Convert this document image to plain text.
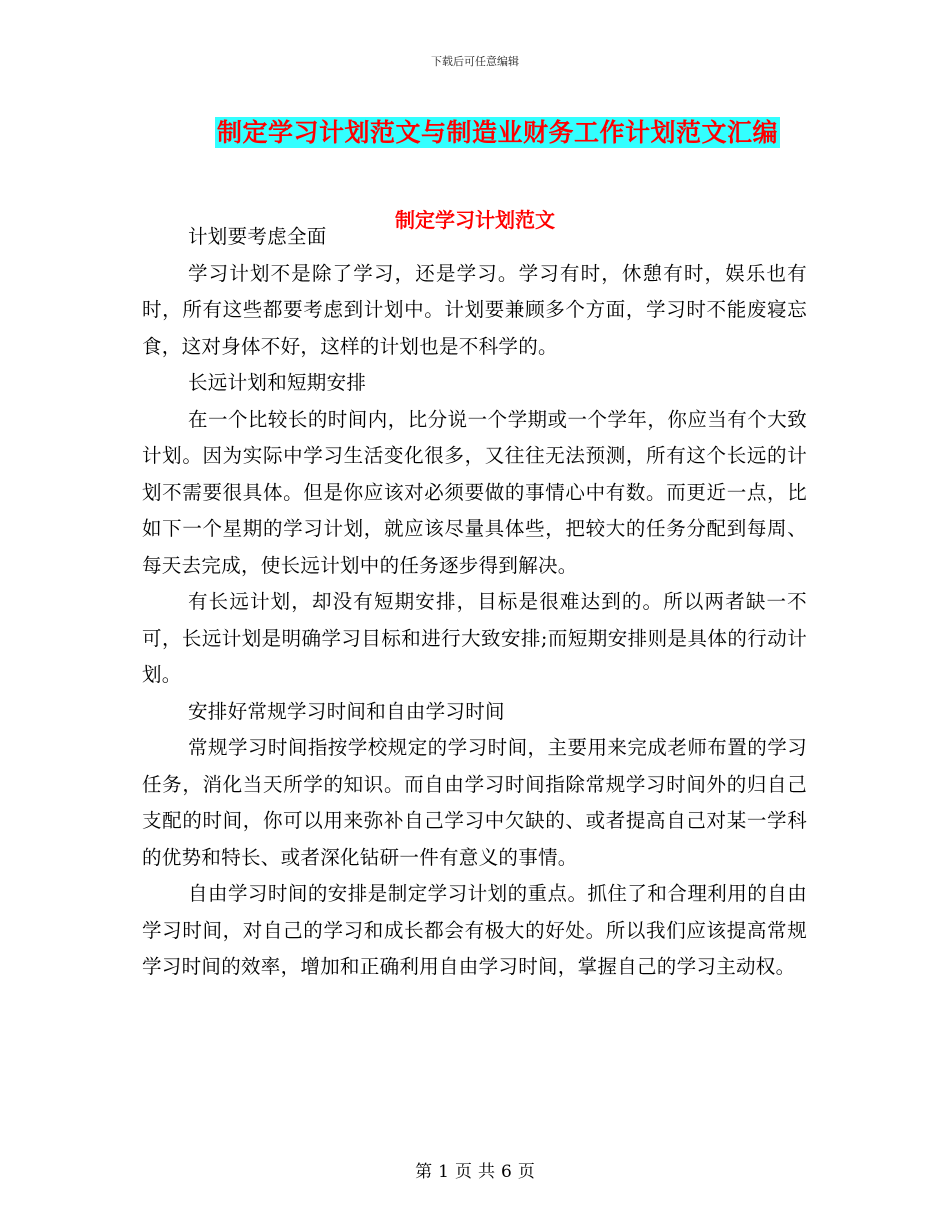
下载后可任意编辑
制定学习计划范文与制造业财务工作计划范文汇编
制定学习计划范文

计划要考虑全面

学习计划不是除了学习，还是学习。学习有时，休憩有时，娱乐也有时，所有这些都要考虑到计划中。计划要兼顾多个方面，学习时不能废寝忘食，这对身体不好，这样的计划也是不科学的。

长远计划和短期安排

在一个比较长的时间内，比分说一个学期或一个学年，你应当有个大致计划。因为实际中学习生活变化很多，又往往无法预测，所有这个长远的计划不需要很具体。但是你应该对必须要做的事情心中有数。而更近一点，比如下一个星期的学习计划，就应该尽量具体些，把较大的任务分配到每周、每天去完成，使长远计划中的任务逐步得到解决。

有长远计划，却没有短期安排，目标是很难达到的。所以两者缺一不可，长远计划是明确学习目标和进行大致安排;而短期安排则是具体的行动计划。

安排好常规学习时间和自由学习时间

常规学习时间指按学校规定的学习时间，主要用来完成老师布置的学习任务，消化当天所学的知识。而自由学习时间指除常规学习时间外的归自己支配的时间，你可以用来弥补自己学习中欠缺的、或者提高自己对某一学科的优势和特长、或者深化钻研一件有意义的事情。

自由学习时间的安排是制定学习计划的重点。抓住了和合理利用的自由学习时间，对自己的学习和成长都会有极大的好处。所以我们应该提高常规学习时间的效率，增加和正确利用自由学习时间，掌握自己的学习主动权。

第 1 页 共 6 页
